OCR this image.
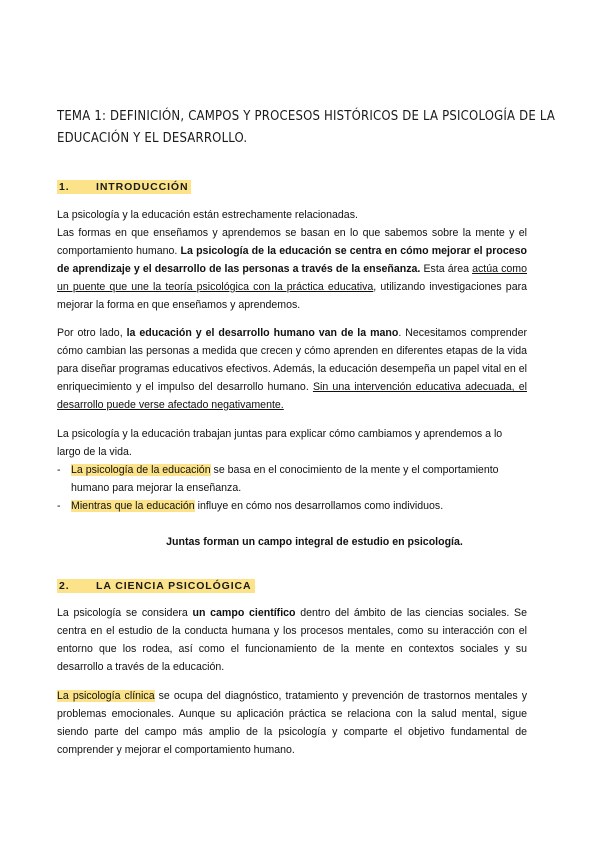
TEMA 1: DEFINICIÓN, CAMPOS Y PROCESOS HISTÓRICOS DE LA PSICOLOGÍA DE LA EDUCACIÓN Y EL DESARROLLO.
1.	INTRODUCCIÓN
La psicología y la educación están estrechamente relacionadas.
Las formas en que enseñamos y aprendemos se basan en lo que sabemos sobre la mente y el comportamiento humano. La psicología de la educación se centra en cómo mejorar el proceso de aprendizaje y el desarrollo de las personas a través de la enseñanza. Esta área actúa como un puente que une la teoría psicológica con la práctica educativa, utilizando investigaciones para mejorar la forma en que enseñamos y aprendemos.
Por otro lado, la educación y el desarrollo humano van de la mano. Necesitamos comprender cómo cambian las personas a medida que crecen y cómo aprenden en diferentes etapas de la vida para diseñar programas educativos efectivos. Además, la educación desempeña un papel vital en el enriquecimiento y el impulso del desarrollo humano. Sin una intervención educativa adecuada, el desarrollo puede verse afectado negativamente.
La psicología y la educación trabajan juntas para explicar cómo cambiamos y aprendemos a lo largo de la vida.
- La psicología de la educación se basa en el conocimiento de la mente y el comportamiento humano para mejorar la enseñanza.
- Mientras que la educación influye en cómo nos desarrollamos como individuos.
Juntas forman un campo integral de estudio en psicología.
2.	LA CIENCIA PSICOLÓGICA
La psicología se considera un campo científico dentro del ámbito de las ciencias sociales. Se centra en el estudio de la conducta humana y los procesos mentales, como su interacción con el entorno que los rodea, así como el funcionamiento de la mente en contextos sociales y su desarrollo a través de la educación.
La psicología clínica se ocupa del diagnóstico, tratamiento y prevención de trastornos mentales y problemas emocionales. Aunque su aplicación práctica se relaciona con la salud mental, sigue siendo parte del campo más amplio de la psicología y comparte el objetivo fundamental de comprender y mejorar el comportamiento humano.
